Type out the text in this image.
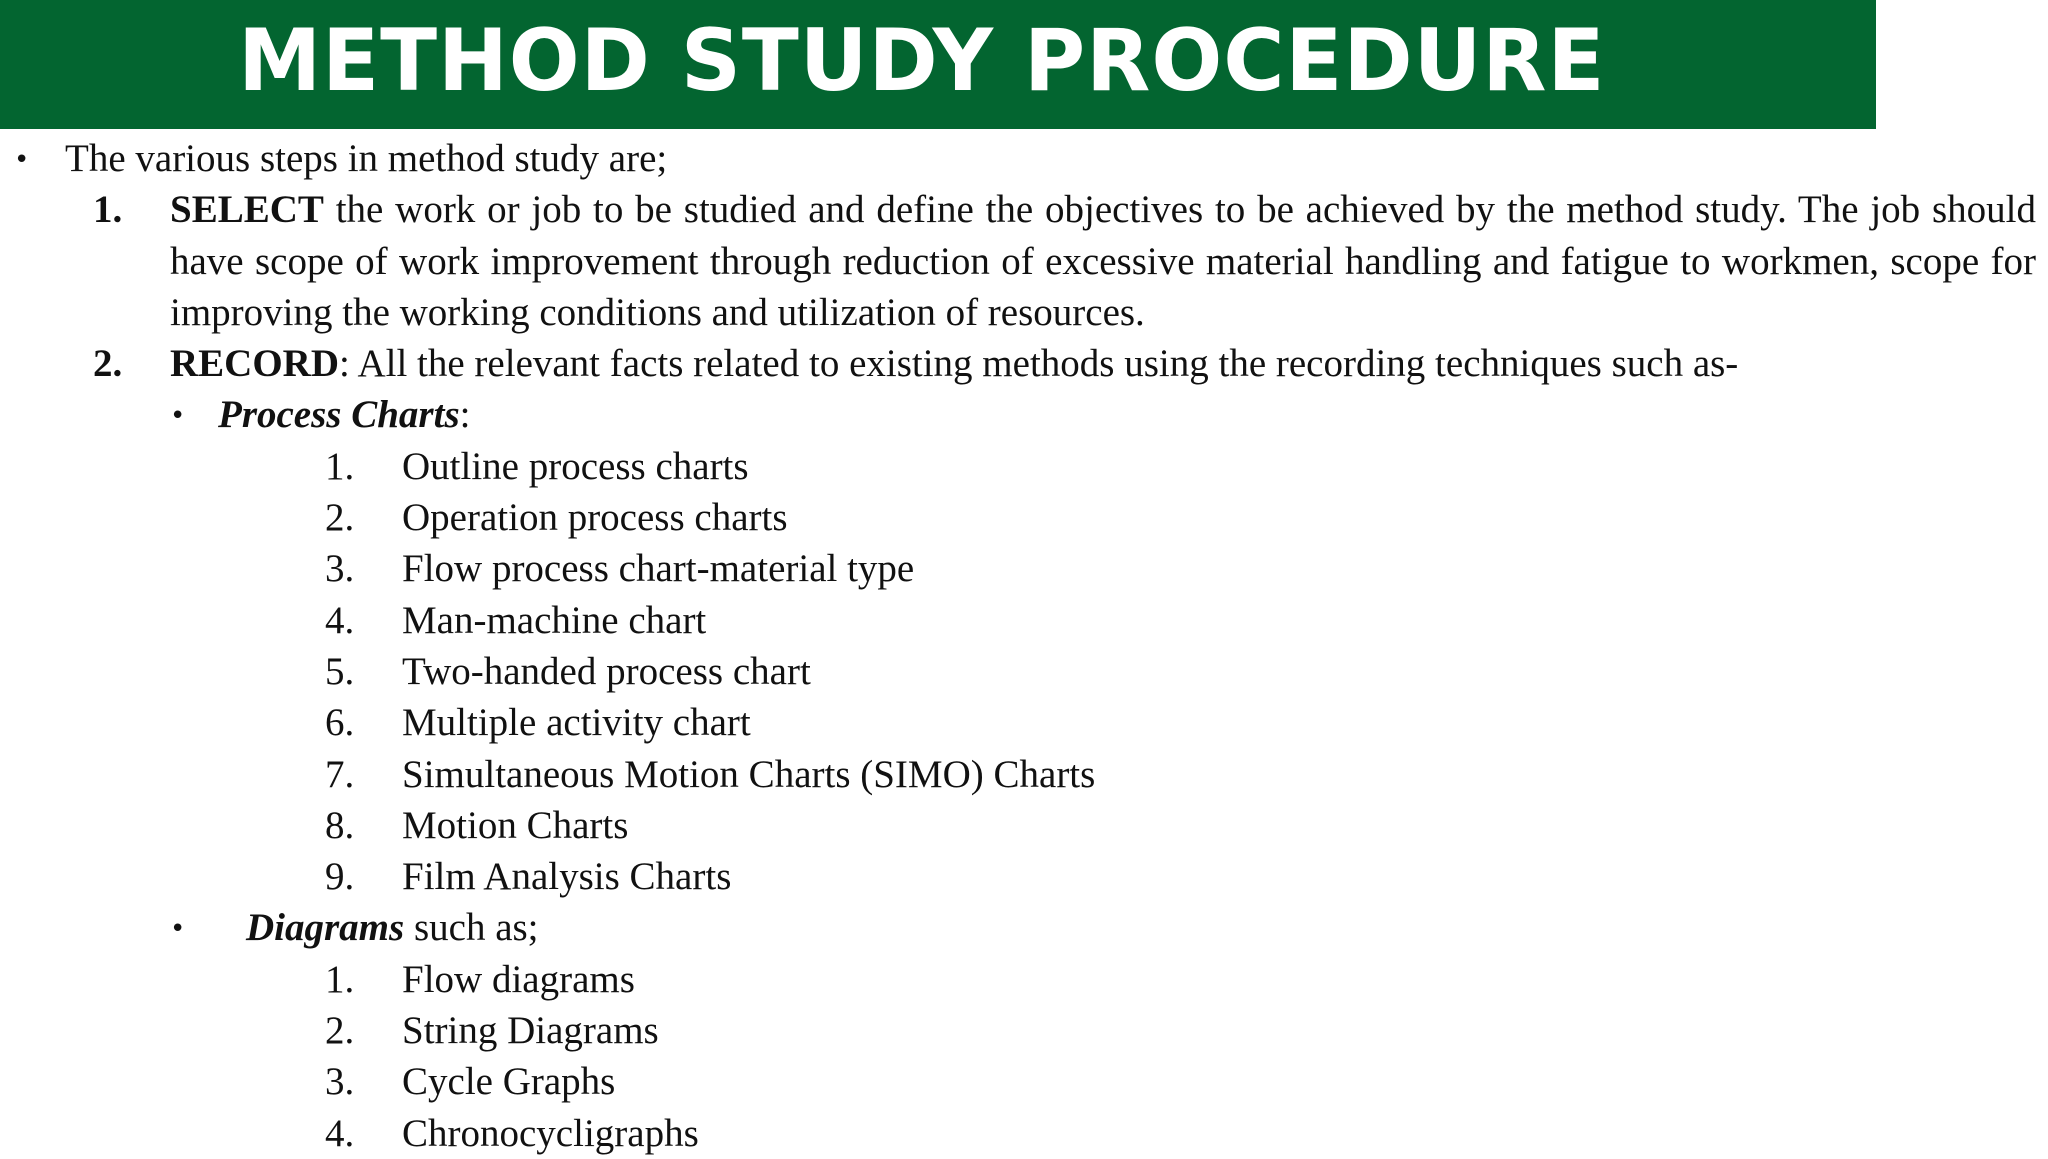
METHOD STUDY PROCEDURE
• The various steps in method study are;
1. SELECT the work or job to be studied and define the objectives to be achieved by the method study. The job should have scope of work improvement through reduction of excessive material handling and fatigue to workmen, scope for improving the working conditions and utilization of resources.
2. RECORD: All the relevant facts related to existing methods using the recording techniques such as-
• Process Charts:
1. Outline process charts
2. Operation process charts
3. Flow process chart-material type
4. Man-machine chart
5. Two-handed process chart
6. Multiple activity chart
7. Simultaneous Motion Charts (SIMO) Charts
8. Motion Charts
9. Film Analysis Charts
• Diagrams such as;
1. Flow diagrams
2. String Diagrams
3. Cycle Graphs
4. Chronocycligraphs
